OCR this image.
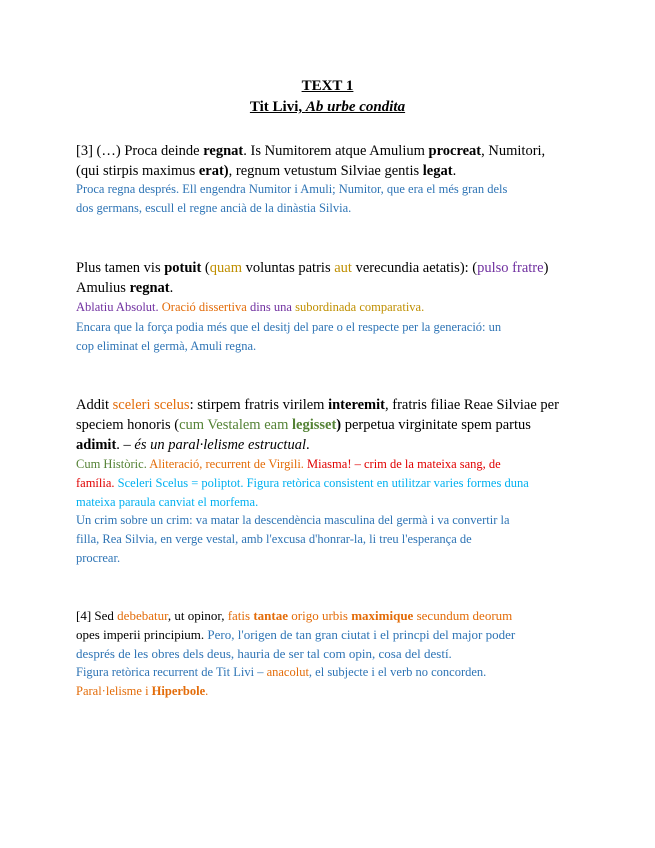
TEXT 1
Tit Livi, Ab urbe condita
[3] (…) Proca deinde regnat. Is Numitorem atque Amulium procreat, Numitori,
(qui stirpis maximus erat), regnum vetustum Silviae gentis legat.
Proca regna després. Ell engendra Numitor i Amuli; Numitor, que era el més gran dels
dos germans, escull el regne ancià de la dinàstia Silvia.
Plus tamen vis potuit (quam voluntas patris aut verecundia aetatis): (pulso fratre)
Amulius regnat.
Ablatiu Absolut. Oració dissertiva dins una subordinada comparativa.
Encara que la força podia més que el desitj del pare o el respecte per la generació: un
cop eliminat el germà, Amuli regna.
Addit sceleri scelus: stirpem fratris virilem interemit, fratris filiae Reae Silviae per
speciem honoris (cum Vestalem eam legisset) perpetua virginitate spem partus
adimit. – és un paral·lelisme estructual.
Cum Històric. Aliteració, recurrent de Virgili. Miasma! – crim de la mateixa sang, de
família. Sceleri Scelus = poliptot. Figura retòrica consistent en utilitzar varies formes duna
mateixa paraula canviat el morfema.
Un crim sobre un crim: va matar la descendència masculina del germà i va convertir la
filla, Rea Silvia, en verge vestal, amb l'excusa d'honrar-la, li treu l'esperança de
procrear.
[4] Sed debebatur, ut opinor, fatis tantae origo urbis maximique secundum deorum
opes imperii principium. Pero, l'origen de tan gran ciutat i el princpi del major poder
després de les obres dels deus, hauria de ser tal com opin, cosa del destí.
Figura retòrica recurrent de Tit Livi – anacolut, el subjecte i el verb no concorden.
Paral·lelisme i Hiperbole.
